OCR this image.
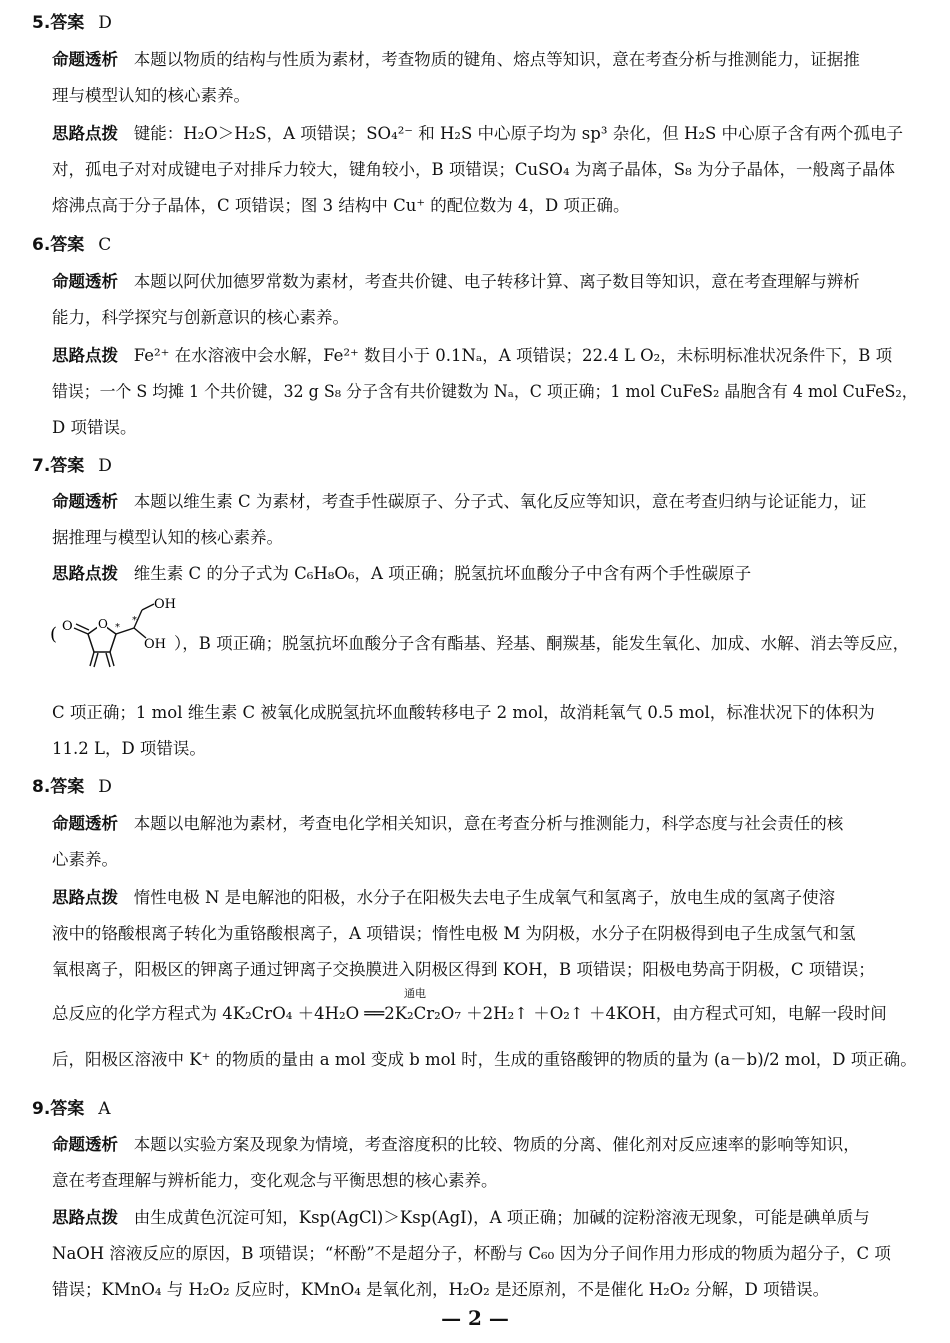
5.答案 D
命题透析 本题以物质的结构与性质为素材，考查物质的键角、熔点等知识，意在考查分析与推测能力，证据推
理与模型认知的核心素养。
思路点拨 键能：H₂O＞H₂S，A 项错误；SO₄²⁻ 和 H₂S 中心原子均为 sp³ 杂化，但 H₂S 中心原子含有两个孤电子
对，孤电子对对成键电子对排斥力较大，键角较小，B 项错误；CuSO₄ 为离子晶体，S₈ 为分子晶体，一般离子晶体
熔沸点高于分子晶体，C 项错误；图 3 结构中 Cu⁺ 的配位数为 4，D 项正确。
6.答案 C
命题透析 本题以阿伏加德罗常数为素材，考查共价键、电子转移计算、离子数目等知识，意在考查理解与辨析
能力，科学探究与创新意识的核心素养。
思路点拨 Fe²⁺ 在水溶液中会水解，Fe²⁺ 数目小于 0.1Nₐ，A 项错误；22.4 L O₂，未标明标准状况条件下，B 项
错误；一个 S 均摊 1 个共价键，32 g S₈ 分子含有共价键数为 Nₐ，C 项正确；1 mol CuFeS₂ 晶胞含有 4 mol CuFeS₂，
D 项错误。
7.答案 D
命题透析 本题以维生素 C 为素材，考查手性碳原子、分子式、氧化反应等知识，意在考查归纳与论证能力，证
据推理与模型认知的核心素养。
思路点拨 维生素 C 的分子式为 C₆H₈O₆，A 项正确；脱氢抗坏血酸分子中含有两个手性碳原子
( O O
OH
OH
*
*
），B 项正确；脱氢抗坏血酸分子含有酯基、羟基、酮羰基，能发生氧化、加成、水解、消去等反应，
C 项正确；1 mol 维生素 C 被氧化成脱氢抗坏血酸转移电子 2 mol，故消耗氧气 0.5 mol，标准状况下的体积为
11.2 L，D 项错误。
8.答案 D
命题透析 本题以电解池为素材，考查电化学相关知识，意在考查分析与推测能力，科学态度与社会责任的核
心素养。
思路点拨 惰性电极 N 是电解池的阳极，水分子在阳极失去电子生成氧气和氢离子，放电生成的氢离子使溶
液中的铬酸根离子转化为重铬酸根离子，A 项错误；惰性电极 M 为阴极，水分子在阴极得到电子生成氢气和氢
氧根离子，阳极区的钾离子通过钾离子交换膜进入阴极区得到 KOH，B 项错误；阳极电势高于阴极，C 项错误；
通电
总反应的化学方程式为 4K₂CrO₄ ＋4H₂O ══2K₂Cr₂O₇ ＋2H₂↑ ＋O₂↑ ＋4KOH，由方程式可知，电解一段时间
后，阳极区溶液中 K⁺ 的物质的量由 a mol 变成 b mol 时，生成的重铬酸钾的物质的量为 (a－b)/2 mol，D 项正确。
9.答案 A
命题透析 本题以实验方案及现象为情境，考查溶度积的比较、物质的分离、催化剂对反应速率的影响等知识，
意在考查理解与辨析能力，变化观念与平衡思想的核心素养。
思路点拨 由生成黄色沉淀可知，Ksp(AgCl)＞Ksp(AgI)，A 项正确；加碱的淀粉溶液无现象，可能是碘单质与
NaOH 溶液反应的原因，B 项错误；“杯酚”不是超分子，杯酚与 C₆₀ 因为分子间作用力形成的物质为超分子，C 项
错误；KMnO₄ 与 H₂O₂ 反应时，KMnO₄ 是氧化剂，H₂O₂ 是还原剂，不是催化 H₂O₂ 分解，D 项错误。
— 2 —
